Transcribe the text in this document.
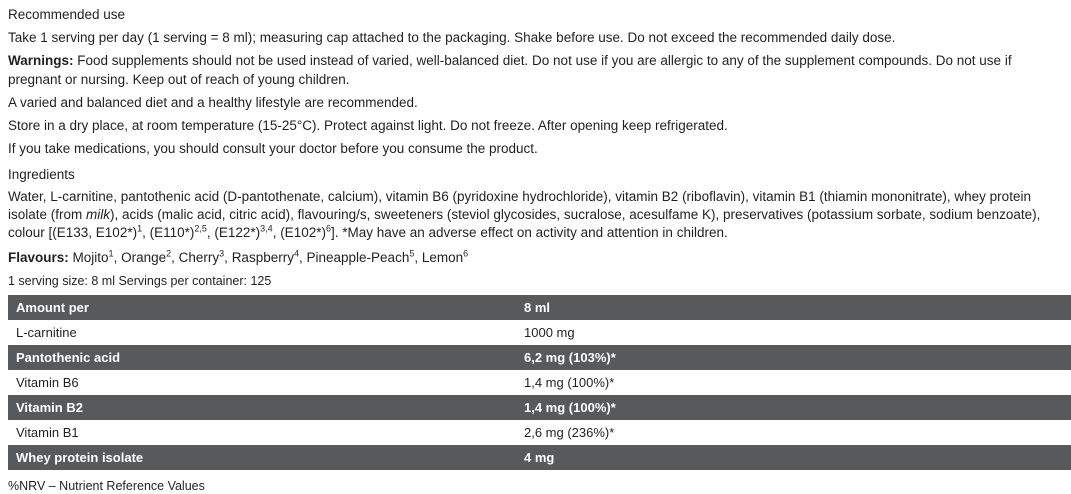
Recommended use
Take 1 serving per day (1 serving = 8 ml); measuring cap attached to the packaging. Shake before use. Do not exceed the recommended daily dose.
Warnings: Food supplements should not be used instead of varied, well-balanced diet. Do not use if you are allergic to any of the supplement compounds. Do not use if pregnant or nursing. Keep out of reach of young children.
A varied and balanced diet and a healthy lifestyle are recommended.
Store in a dry place, at room temperature (15-25°C). Protect against light. Do not freeze. After opening keep refrigerated.
If you take medications, you should consult your doctor before you consume the product.
Ingredients
Water, L-carnitine, pantothenic acid (D-pantothenate, calcium), vitamin B6 (pyridoxine hydrochloride), vitamin B2 (riboflavin), vitamin B1 (thiamin mononitrate), whey protein isolate (from milk), acids (malic acid, citric acid), flavouring/s, sweeteners (steviol glycosides, sucralose, acesulfame K), preservatives (potassium sorbate, sodium benzoate), colour [(E133, E102*)$^1$, $(E110*)^{2,5}$, $(E122*)^{3,4}$, $(E102*)^6$]. *May have an adverse effect on activity and attention in children.
Flavours: Mojito$^1$, Orange$^2$, Cherry$^3$, Raspberry$^4$, Pineapple-Peach$^5$, Lemon$^6$
1 serving size: 8 ml Servings per container: 125
Amount per	8 ml
L-carnitine	1000 mg
Pantothenic acid	6,2 mg (103%)*
Vitamin B6	1,4 mg (100%)*
Vitamin B2	1,4 mg (100%)*
Vitamin B1	2,6 mg (236%)*
Whey protein isolate	4 mg
%NRV – Nutrient Reference Values
